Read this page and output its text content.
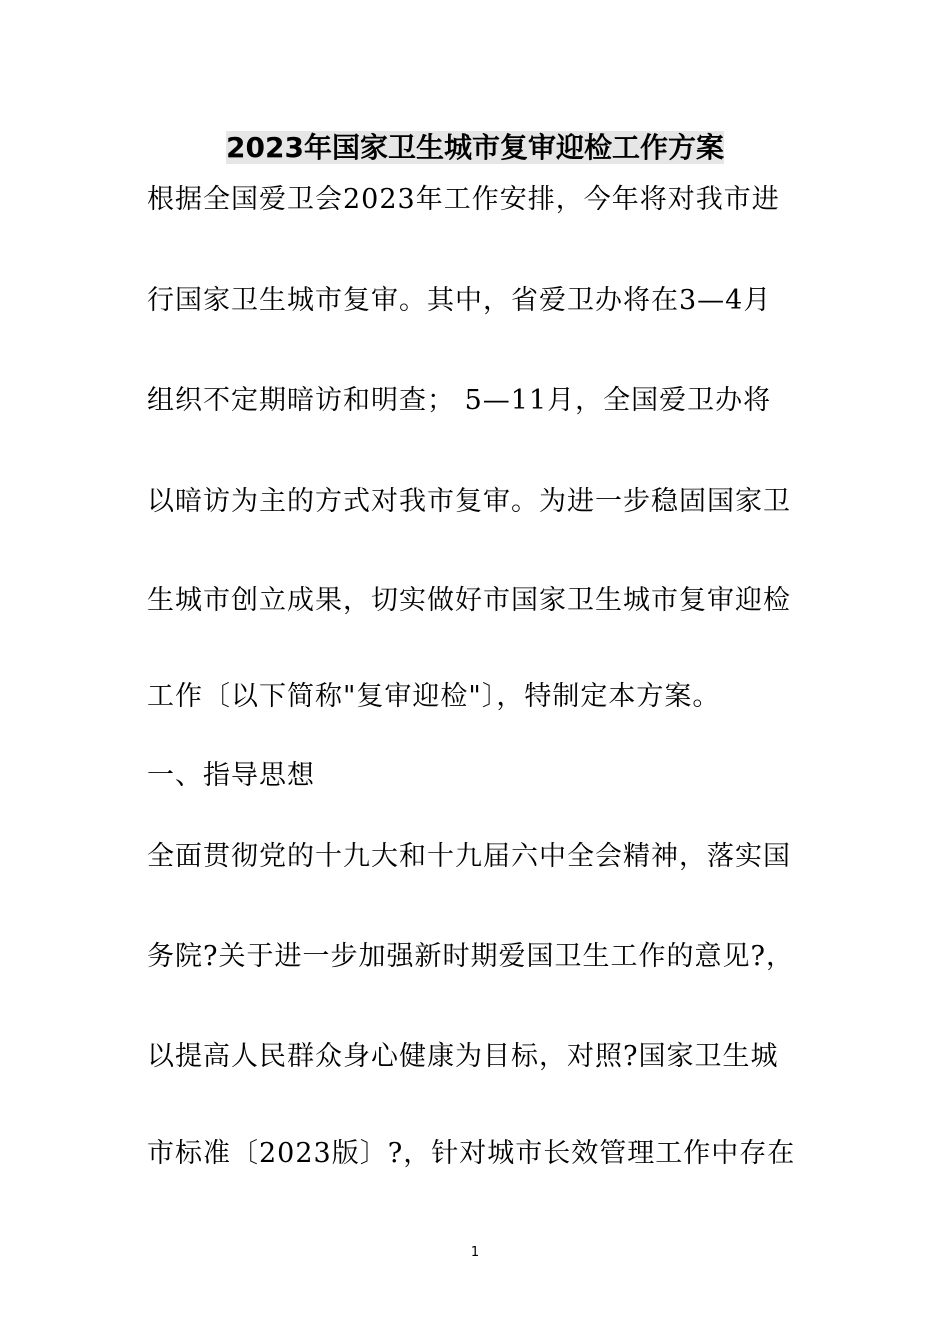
2023年国家卫生城市复审迎检工作方案
根据全国爱卫会2023年工作安排，今年将对我市进
行国家卫生城市复审。其中，省爱卫办将在3—4月
组织不定期暗访和明查； 5—11月，全国爱卫办将
以暗访为主的方式对我市复审。为进一步稳固国家卫
生城市创立成果，切实做好市国家卫生城市复审迎检
工作〔以下简称"复审迎检"〕，特制定本方案。
一、指导思想
全面贯彻党的十九大和十九届六中全会精神，落实国
务院?关于进一步加强新时期爱国卫生工作的意见?，
以提高人民群众身心健康为目标，对照?国家卫生城
市标准〔2023版〕?，针对城市长效管理工作中存在
1
